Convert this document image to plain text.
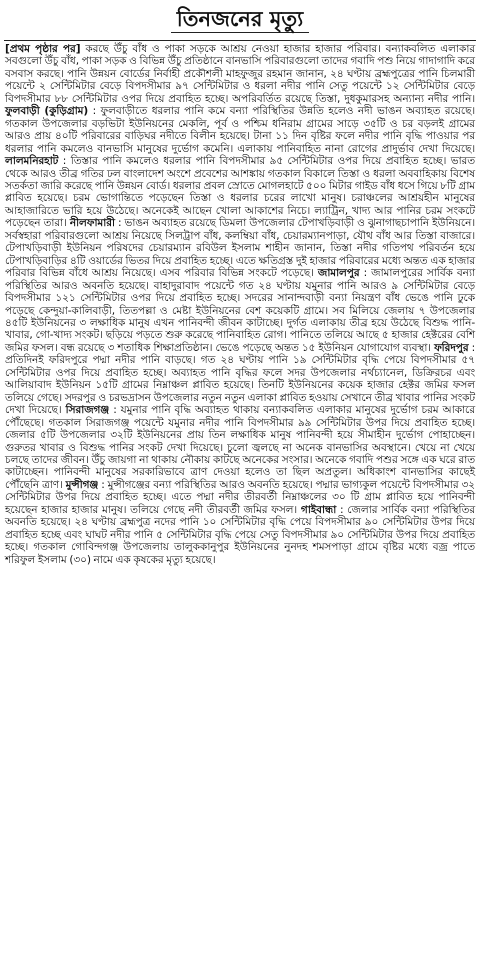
তিনজনের মৃত্যু

[প্রথম পৃষ্ঠার পর] করছে উঁচু বাঁধ ও পাকা সড়কে আশ্রয় নেওয়া হাজার হাজার পরিবার। বন্যাকবলিত এলাকার সবগুলো উঁচু বাঁধ, পাকা সড়ক ও বিভিন্ন উঁচু প্রতিষ্ঠানে বানভাসি পরিবারগুলো তাদের গবাদি পশু নিয়ে গাদাগাদি করে বসবাস করছে। পানি উন্নয়ন বোর্ডের নির্বাহী প্রকৌশলী মাহফুজুর রহমান জানান, ২৪ ঘণ্টায় ব্রহ্মপুত্রের পানি চিলমারী পয়েন্টে ২ সেন্টিমিটার বেড়ে বিপদসীমার ৯৭ সেন্টিমিটার ও ধরলা নদীর পানি সেতু পয়েন্টে ১২ সেন্টিমিটার বেড়ে বিপদসীমার ৮৮ সেন্টিমিটার ওপর দিয়ে প্রবাহিত হচ্ছে। অপরিবর্তিত রয়েছে তিস্তা, দুধকুমারসহ অন্যান্য নদীর পানি। ফুলবাড়ী (কুড়িগ্রাম) : ফুলবাড়ীতে ধরলার পানি কমে বন্যা পরিস্থিতির উন্নতি হলেও নদী ভাঙন অব্যাহত রয়েছে। গতকাল উপজেলার বড়ভিটা ইউনিয়নের মেকলি, পূর্ব ও পশ্চিম ধনিরাম গ্রামের সাড়ে ৩৫টি ও চর বড়লই গ্রামের আরও প্রায় ৪০টি পরিবারের বাড়িঘর নদীতে বিলীন হয়েছে। টানা ১১ দিন বৃষ্টির ফলে নদীর পানি বৃদ্ধি পাওয়ার পর ধরলার পানি কমলেও বানভাসি মানুষের দুর্ভোগ কমেনি। এলাকায় পানিবাহিত নানা রোগের প্রাদুর্ভাব দেখা দিয়েছে। লালমনিরহাট : তিস্তার পানি কমলেও ধরলার পানি বিপদসীমার ৯৫ সেন্টিমিটার ওপর দিয়ে প্রবাহিত হচ্ছে। ভারত থেকে আরও তীব্র গতির ঢল বাংলাদেশ অংশে প্রবেশের আশঙ্কায় গতকাল বিকালে তিস্তা ও ধরলা অববাহিকায় বিশেষ সতর্কতা জারি করেছে পানি উন্নয়ন বোর্ড। ধরলার প্রবল স্রোতে মোগলহাটে ৫০০ মিটার গাইড বাঁধ ধসে গিয়ে ৮টি গ্রাম প্লাবিত হয়েছে। চরম ভোগান্তিতে পড়েছেন তিস্তা ও ধরলার চরের লাখো মানুষ। চরাঞ্চলের আশ্রয়হীন মানুষের আহাজারিতে ভারি হয়ে উঠেছে। অনেকেই আছেন খোলা আকাশের নিচে। ল্যাট্রিন, খাদ্য আর পানির চরম সংকটে পড়েছেন তারা। নীলফামারী : ভাঙন অব্যাহত রয়েছে ডিমলা উপজেলার টেপাখড়িবাড়ী ও ঝুনাগাছচাপানি ইউনিয়নে। সর্বস্বহারা পরিবারগুলো আশ্রয় নিয়েছে সিলট্রাপ বাঁধ, কলম্বিয়া বাঁধ, চেয়ারম্যানপাড়া, যৌথ বাঁধ আর তিস্তা বাজারে। টেপাখড়িবাড়ী ইউনিয়ন পরিষদের চেয়ারম্যান রবিউল ইসলাম শাহীন জানান, তিস্তা নদীর গতিপথ পরিবর্তন হয়ে টেপাখড়িবাড়ির ৪টি ওয়ার্ডের ভিতর দিয়ে প্রবাহিত হচ্ছে। এতে ক্ষতিগ্রস্ত দুই হাজার পরিবারের মধ্যে অন্তত এক হাজার পরিবার বিভিন্ন বাঁধে আশ্রয় নিয়েছে। এসব পরিবার বিভিন্ন সংকটে পড়েছে। জামালপুর : জামালপুরের সার্বিক বন্যা পরিস্থিতির আরও অবনতি হয়েছে। বাহাদুরাবাদ পয়েন্টে গত ২৪ ঘণ্টায় যমুনার পানি আরও ৯ সেন্টিমিটার বেড়ে বিপদসীমার ১২১ সেন্টিমিটার ওপর দিয়ে প্রবাহিত হচ্ছে। সদরের সানান্দবাড়ী বন্যা নিয়ন্ত্রণ বাঁধ ভেঙে পানি ঢুকে পড়েছে কেন্দুয়া-কালিবাড়ী, তিতপল্লা ও মেষ্টা ইউনিয়নের বেশ কয়েকটি গ্রামে। সব মিলিয়ে জেলায় ৭ উপজেলার ৪৫টি ইউনিয়নের ৩ লক্ষাধিক মানুষ এখন পানিবন্দী জীবন কাটাচ্ছে। দুর্গত এলাকায় তীব্র হয়ে উঠেছে বিশুদ্ধ পানি-খাবার, গো-খাদ্য সংকট। ছড়িয়ে পড়তে শুরু করেছে পানিবাহিত রোগ। পানিতে তলিয়ে আছে ৫ হাজার হেক্টরের বেশি জমির ফসল। বন্ধ রয়েছে ৩ শতাধিক শিক্ষাপ্রতিষ্ঠান। ভেঙে পড়েছে অন্তত ১৫ ইউনিয়ন যোগাযোগ ব্যবস্থা। ফরিদপুর : প্রতিদিনই ফরিদপুরে পদ্মা নদীর পানি বাড়ছে। গত ২৪ ঘণ্টায় পানি ১৯ সেন্টিমিটার বৃদ্ধি পেয়ে বিপদসীমার ৫৭ সেন্টিমিটার ওপর দিয়ে প্রবাহিত হচ্ছে। অব্যাহত পানি বৃদ্ধির ফলে সদর উপজেলার নর্থচ্যানেল, ডিক্রিরচর এবং আলিয়াবাদ ইউনিয়ন ১৫টি গ্রামের নিম্নাঞ্চল প্লাবিত হয়েছে। তিনটি ইউনিয়নের কয়েক হাজার হেক্টর জমির ফসল তলিয়ে গেছে। সদরপুর ও চরভদ্রাসন উপজেলার নতুন নতুন এলাকা প্লাবিত হওয়ায় সেখানে তীব্র খাবার পানির সংকট দেখা দিয়েছে। সিরাজগঞ্জ : যমুনার পানি বৃদ্ধি অব্যাহত থাকায় বন্যাকবলিত এলাকার মানুষের দুর্ভোগ চরম আকারে পৌঁছেছে। গতকাল সিরাজগঞ্জ পয়েন্টে যমুনার নদীর পানি বিপদসীমার ৯৯ সেন্টিমিটার উপর দিয়ে প্রবাহিত হচ্ছে। জেলার ৫টি উপজেলার ৩২টি ইউনিয়নের প্রায় তিন লক্ষাধিক মানুষ পানিবন্দী হয়ে সীমাহীন দুর্ভোগ পোহাচ্ছেন। গুরুতর খাবার ও বিশুদ্ধ পানির সংকট দেখা দিয়েছে। চুলো জ্বলছে না অনেক বানভাসির অবস্থানে। খেয়ে না খেয়ে চলছে তাদের জীবন। উঁচু জায়গা না থাকায় নৌকায় কাটছে অনেকের সংসার। অনেকে গবাদি পশুর সঙ্গে এক ঘরে রাত কাটাচ্ছেন। পানিবন্দী মানুষের সরকারিভাবে ত্রাণ দেওয়া হলেও তা ছিল অপ্রতুল। অধিকাংশ বানভাসির কাছেই পৌঁছেনি ত্রাণ। মুন্সীগঞ্জ : মুন্সীগঞ্জের বন্যা পরিস্থিতির আরও অবনতি হয়েছে। পদ্মার ভাগ্যকুল পয়েন্টে বিপদসীমার ৩২ সেন্টিমিটার উপর দিয়ে প্রবাহিত হচ্ছে। এতে পদ্মা নদীর তীরবর্তী নিম্নাঞ্চলের ৩০ টি গ্রাম প্লাবিত হয়ে পানিবন্দী হয়েছেন হাজার হাজার মানুষ। তলিয়ে গেছে নদী তীরবর্তী জমির ফসল। গাইবান্ধা : জেলার সার্বিক বন্যা পরিস্থিতির অবনতি হয়েছে। ২৪ ঘণ্টায় ব্রহ্মপুত্র নদের পানি ১০ সেন্টিমিটার বৃদ্ধি পেয়ে বিপদসীমার ৯০ সেন্টিমিটার উপর দিয়ে প্রবাহিত হচ্ছে এবং ঘাঘট নদীর পানি ৫ সেন্টিমিটার বৃদ্ধি পেয়ে সেতু বিপদসীমার ৯০ সেন্টিমিটার উপর দিয়ে প্রবাহিত হচ্ছে। গতকাল গোবিন্দগঞ্জ উপজেলায় তালুককানুপুর ইউনিয়নের নুনদহ শমসপাড়া গ্রামে বৃষ্টির মধ্যে বজ্র পাতে শরিফুল ইসলাম (৩০) নামে এক কৃষকের মৃত্যু হয়েছে।
